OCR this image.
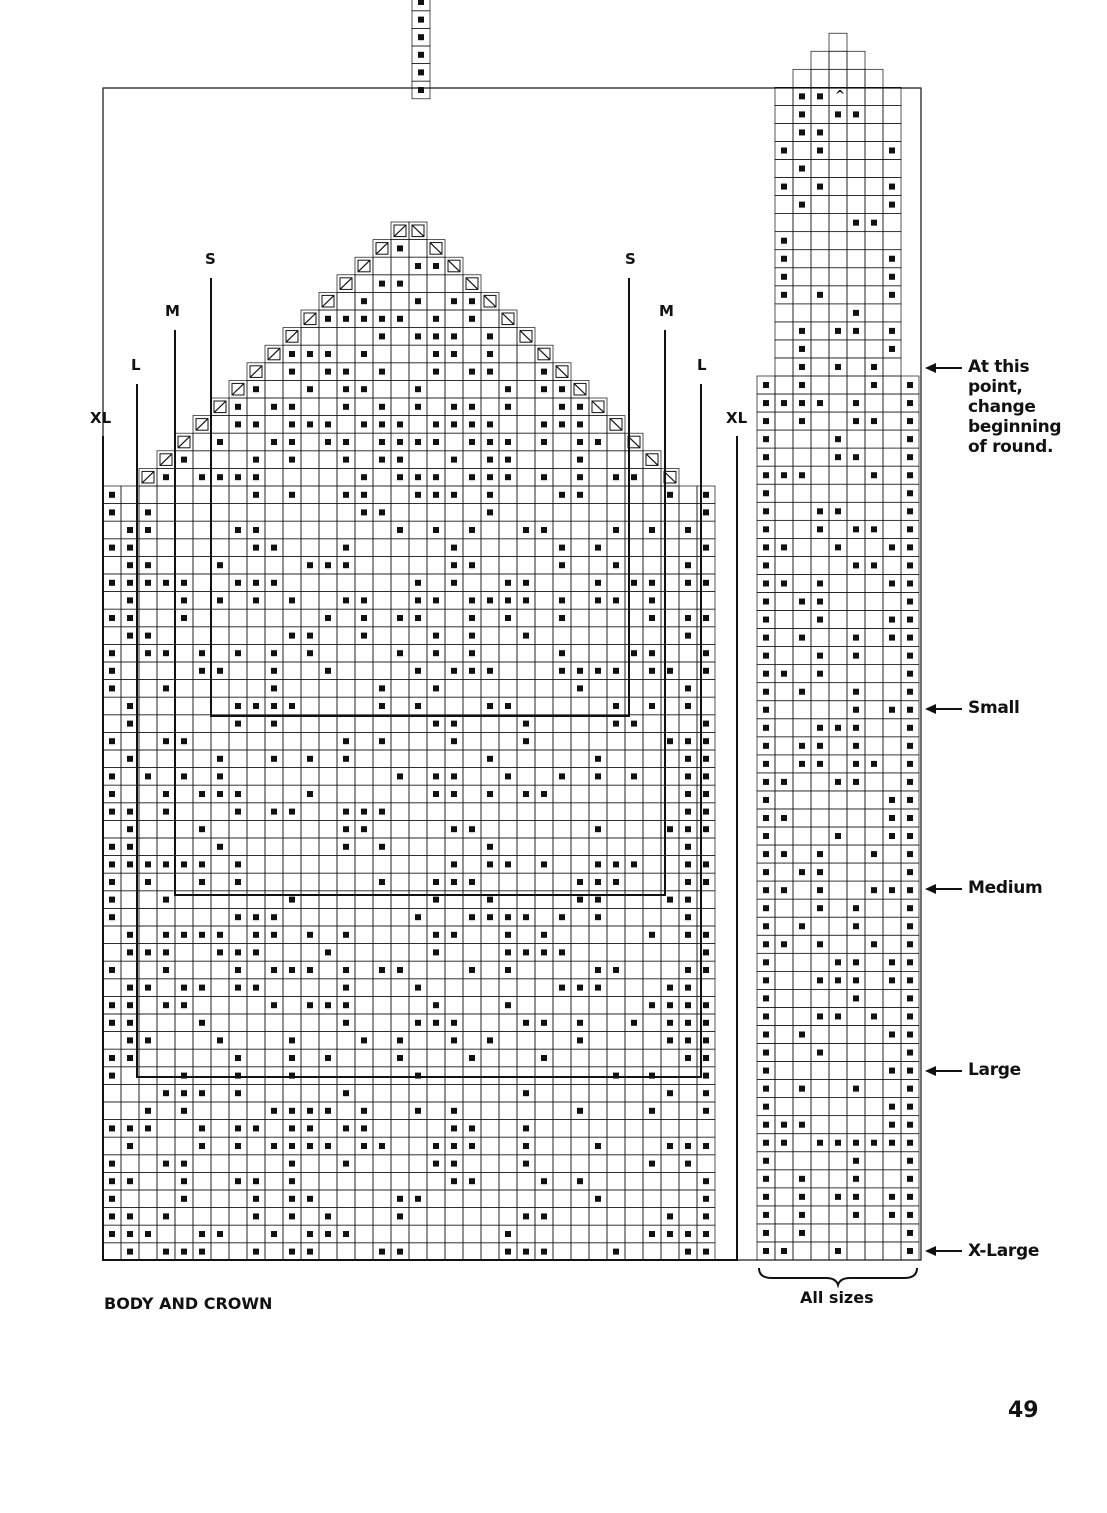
S	S
M	M
L	L
XL	XL
^
At this
point,
change
beginning
of round.
Small
Medium
Large
X-Large
BODY AND CROWN	All sizes
49
